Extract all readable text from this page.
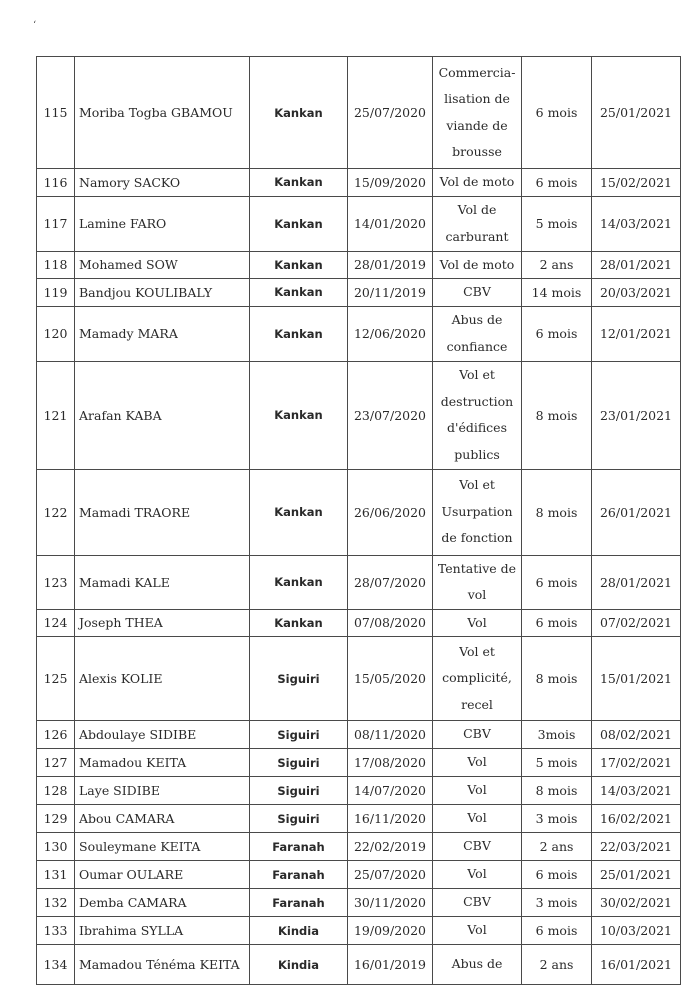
ʻ
115	Moriba Togba GBAMOU	Kankan	25/07/2020	Commercia-lisation de viande de brousse	6 mois	25/01/2021
116	Namory SACKO	Kankan	15/09/2020	Vol de moto	6 mois	15/02/2021
117	Lamine FARO	Kankan	14/01/2020	Vol de carburant	5 mois	14/03/2021
118	Mohamed SOW	Kankan	28/01/2019	Vol de moto	2 ans	28/01/2021
119	Bandjou KOULIBALY	Kankan	20/11/2019	CBV	14 mois	20/03/2021
120	Mamady MARA	Kankan	12/06/2020	Abus de confiance	6 mois	12/01/2021
121	Arafan KABA	Kankan	23/07/2020	Vol et destruction d'édifices publics	8 mois	23/01/2021
122	Mamadi TRAORE	Kankan	26/06/2020	Vol et Usurpation de fonction	8 mois	26/01/2021
123	Mamadi KALE	Kankan	28/07/2020	Tentative de vol	6 mois	28/01/2021
124	Joseph THEA	Kankan	07/08/2020	Vol	6 mois	07/02/2021
125	Alexis KOLIE	Siguiri	15/05/2020	Vol et complicité, recel	8 mois	15/01/2021
126	Abdoulaye SIDIBE	Siguiri	08/11/2020	CBV	3mois	08/02/2021
127	Mamadou KEITA	Siguiri	17/08/2020	Vol	5 mois	17/02/2021
128	Laye SIDIBE	Siguiri	14/07/2020	Vol	8 mois	14/03/2021
129	Abou CAMARA	Siguiri	16/11/2020	Vol	3 mois	16/02/2021
130	Souleymane KEITA	Faranah	22/02/2019	CBV	2 ans	22/03/2021
131	Oumar OULARE	Faranah	25/07/2020	Vol	6 mois	25/01/2021
132	Demba CAMARA	Faranah	30/11/2020	CBV	3 mois	30/02/2021
133	Ibrahima SYLLA	Kindia	19/09/2020	Vol	6 mois	10/03/2021
134	Mamadou Ténéma KEITA	Kindia	16/01/2019	Abus de	2 ans	16/01/2021
